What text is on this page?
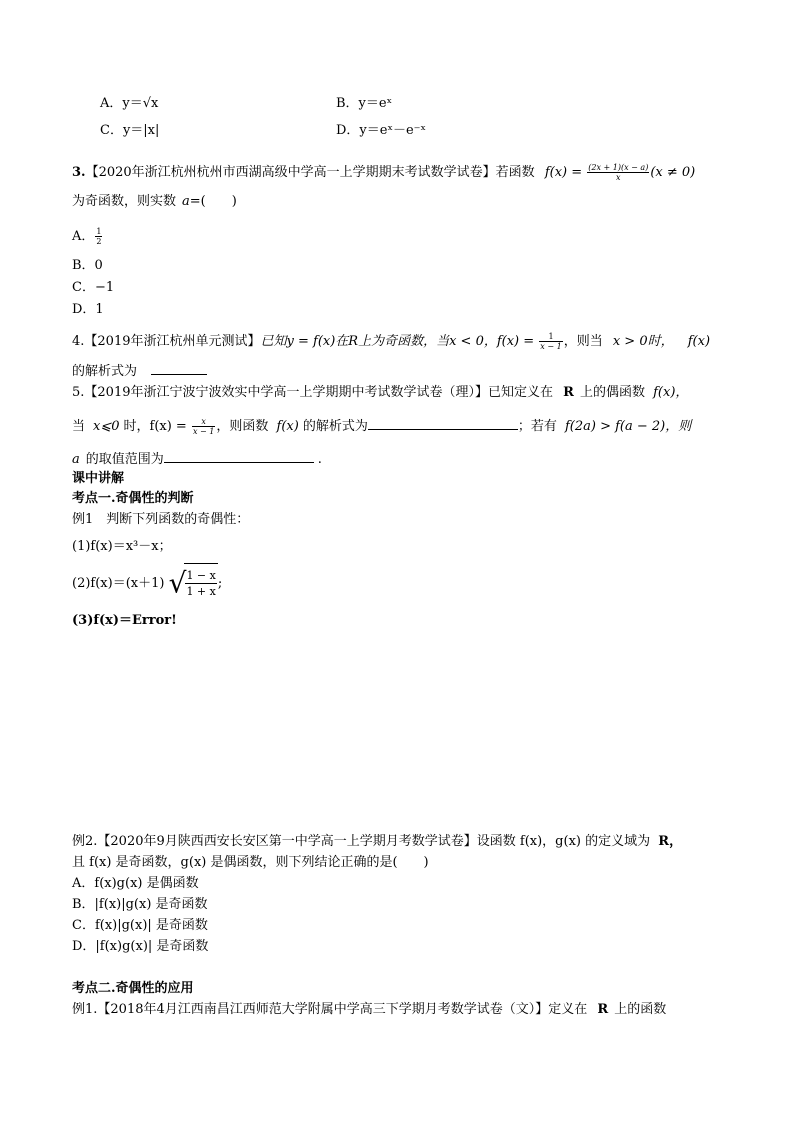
A．y＝√x	B．y＝eˣ
C．y＝|x|	D．y＝eˣ－e⁻ˣ
3.【2020年浙江杭州杭州市西湖高级中学高一上学期期末考试数学试卷】若函数 $f(x) = \frac{(2x + 1)(x - a)}{x} (x \ne 0)$
为奇函数，则实数 a=(　　)
A． $\frac{1}{2}$
B．0
C．−1
D．1
4.【2019年浙江杭州单元测试】已知y = f(x)在R上为奇函数，当x < 0，$f(x) = \frac{1}{x - 1}$ ，则当 x > 0时， f(x)
的解析式为
5.【2019年浙江宁波宁波效实中学高一上学期期中考试数学试卷（理）】已知定义在 R 上的偶函数 f(x)，
当 x⩽0 时，$f(x) = \frac{x}{x - 1}$ ，则函数 f(x) 的解析式为	；若有 f(2a) > f(a − 2)，则
a 的取值范围为	.
课中讲解
考点一.奇偶性的判断
例1　判断下列函数的奇偶性：
(1)f(x)＝x³－x；
(2)f(x)＝(x＋1) √ $\frac{1 - x}{1 + x}$ ;
(3)f(x)＝Error!
例2.【2020年9月陕西西安长安区第一中学高一上学期月考数学试卷】设函数 f(x)，g(x) 的定义域为 R，
且 f(x) 是奇函数，g(x) 是偶函数，则下列结论正确的是(　　)
A．f(x)g(x) 是偶函数
B．|f(x)|g(x) 是奇函数
C．f(x)|g(x)| 是奇函数
D．|f(x)g(x)| 是奇函数
考点二.奇偶性的应用
例1.【2018年4月江西南昌江西师范大学附属中学高三下学期月考数学试卷（文）】定义在 R 上的函数
